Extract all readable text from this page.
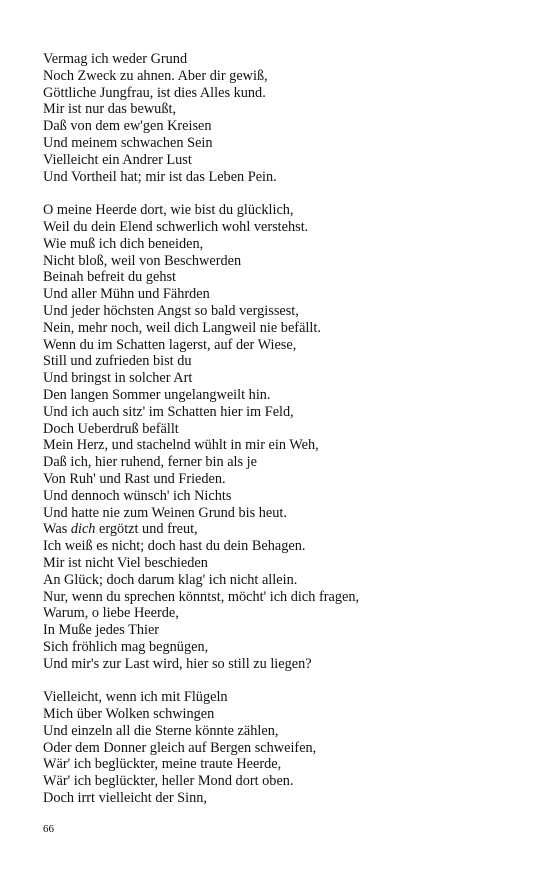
Vermag ich weder Grund
Noch Zweck zu ahnen. Aber dir gewiß,
Göttliche Jungfrau, ist dies Alles kund.
Mir ist nur das bewußt,
Daß von dem ew'gen Kreisen
Und meinem schwachen Sein
Vielleicht ein Andrer Lust
Und Vortheil hat; mir ist das Leben Pein.
O meine Heerde dort, wie bist du glücklich,
Weil du dein Elend schwerlich wohl verstehst.
Wie muß ich dich beneiden,
Nicht bloß, weil von Beschwerden
Beinah befreit du gehst
Und aller Mühn und Fährden
Und jeder höchsten Angst so bald vergissest,
Nein, mehr noch, weil dich Langweil nie befällt.
Wenn du im Schatten lagerst, auf der Wiese,
Still und zufrieden bist du
Und bringst in solcher Art
Den langen Sommer ungelangweilt hin.
Und ich auch sitz' im Schatten hier im Feld,
Doch Ueberdruß befällt
Mein Herz, und stachelnd wühlt in mir ein Weh,
Daß ich, hier ruhend, ferner bin als je
Von Ruh' und Rast und Frieden.
Und dennoch wünsch' ich Nichts
Und hatte nie zum Weinen Grund bis heut.
Was dich ergötzt und freut,
Ich weiß es nicht; doch hast du dein Behagen.
Mir ist nicht Viel beschieden
An Glück; doch darum klag' ich nicht allein.
Nur, wenn du sprechen könntst, möcht' ich dich fragen,
Warum, o liebe Heerde,
In Muße jedes Thier
Sich fröhlich mag begnügen,
Und mir's zur Last wird, hier so still zu liegen?
Vielleicht, wenn ich mit Flügeln
Mich über Wolken schwingen
Und einzeln all die Sterne könnte zählen,
Oder dem Donner gleich auf Bergen schweifen,
Wär' ich beglückter, meine traute Heerde,
Wär' ich beglückter, heller Mond dort oben.
Doch irrt vielleicht der Sinn,
66
